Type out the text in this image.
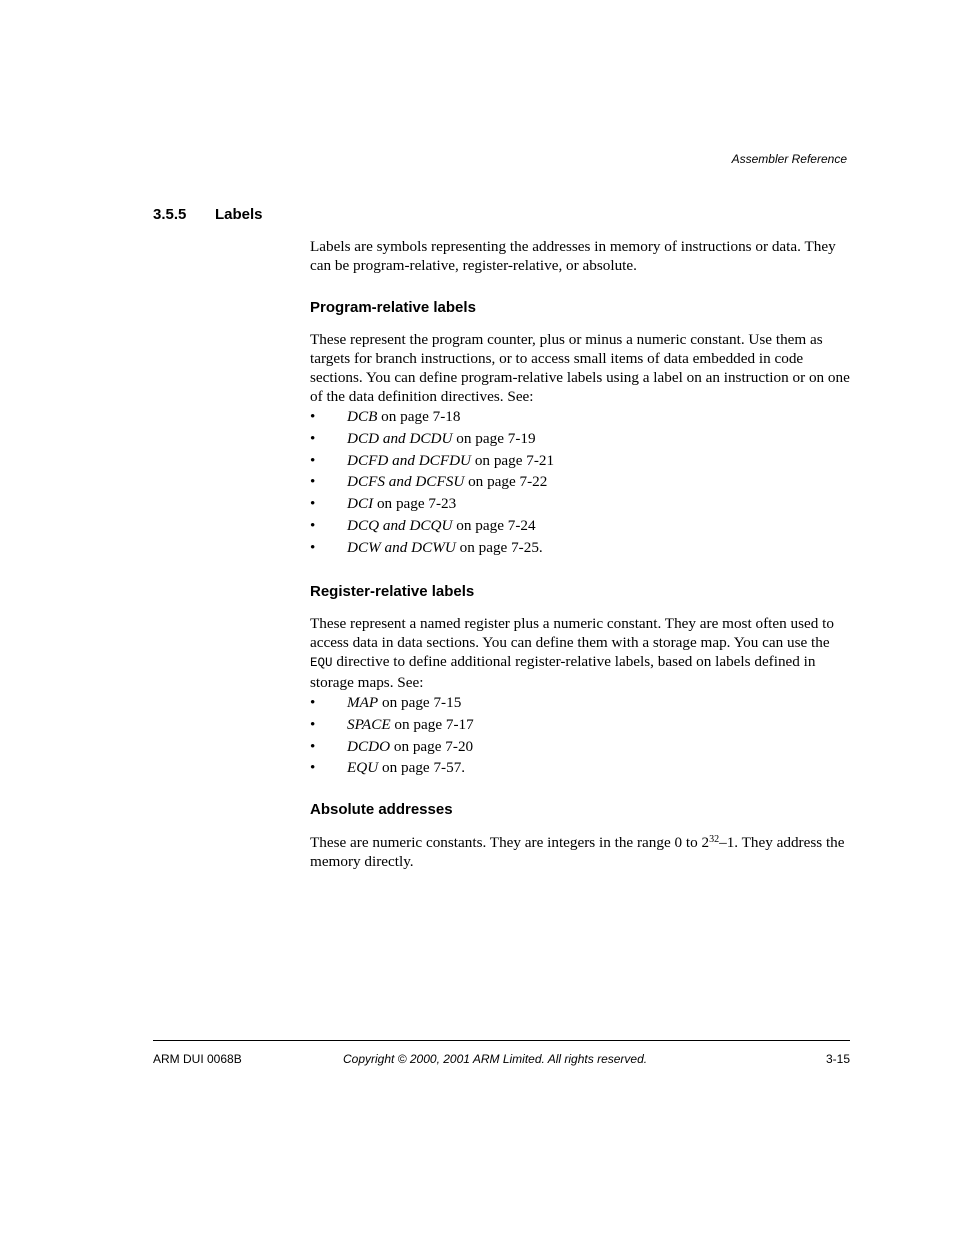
Assembler Reference
3.5.5	Labels

Labels are symbols representing the addresses in memory of instructions or data. They can be program-relative, register-relative, or absolute.

Program-relative labels

These represent the program counter, plus or minus a numeric constant. Use them as targets for branch instructions, or to access small items of data embedded in code sections. You can define program-relative labels using a label on an instruction or on one of the data definition directives. See:

• DCB on page 7-18
• DCD and DCDU on page 7-19
• DCFD and DCFDU on page 7-21
• DCFS and DCFSU on page 7-22
• DCI on page 7-23
• DCQ and DCQU on page 7-24
• DCW and DCWU on page 7-25.

Register-relative labels

These represent a named register plus a numeric constant. They are most often used to access data in data sections. You can define them with a storage map. You can use the EQU directive to define additional register-relative labels, based on labels defined in storage maps. See:

• MAP on page 7-15
• SPACE on page 7-17
• DCDO on page 7-20
• EQU on page 7-57.

Absolute addresses

These are numeric constants. They are integers in the range 0 to $2^{32}-1$. They address the memory directly.

ARM DUI 0068B	Copyright © 2000, 2001 ARM Limited. All rights reserved.	3-15
